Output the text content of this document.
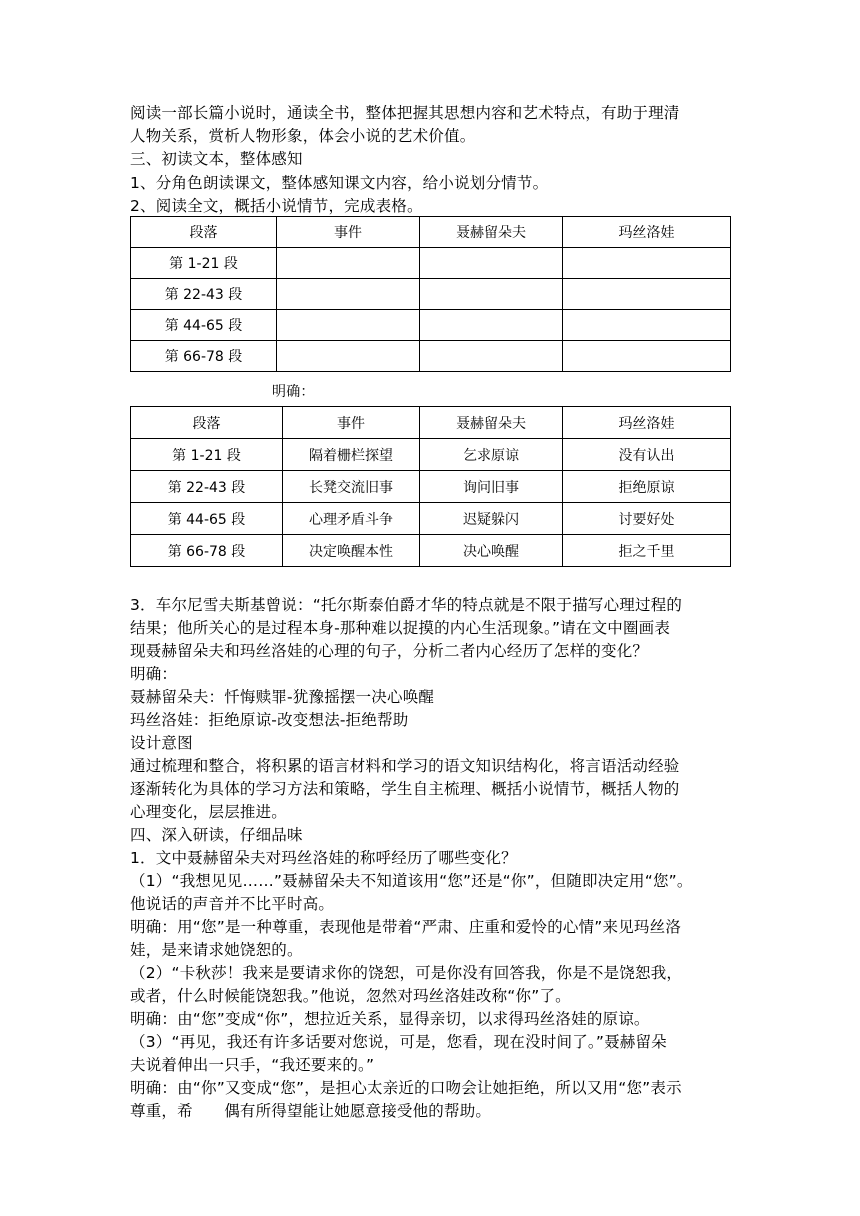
阅读一部长篇小说时，通读全书，整体把握其思想内容和艺术特点，有助于理清
人物关系，赏析人物形象，体会小说的艺术价值。
三、初读文本，整体感知
1、分角色朗读课文，整体感知课文内容，给小说划分情节。
2、阅读全文，概括小说情节，完成表格。
段落	事件	聂赫留朵夫	玛丝洛娃
第 1-21 段			
第 22-43 段			
第 44-65 段			
第 66-78 段			
明确：
段落	事件	聂赫留朵夫	玛丝洛娃
第 1-21 段	隔着栅栏探望	乞求原谅	没有认出
第 22-43 段	长凳交流旧事	询问旧事	拒绝原谅
第 44-65 段	心理矛盾斗争	迟疑躲闪	讨要好处
第 66-78 段	决定唤醒本性	决心唤醒	拒之千里
3．车尔尼雪夫斯基曾说：“托尔斯泰伯爵才华的特点就是不限于描写心理过程的
结果；他所关心的是过程本身-那种难以捉摸的内心生活现象。”请在文中圈画表
现聂赫留朵夫和玛丝洛娃的心理的句子，分析二者内心经历了怎样的变化？
明确：
聂赫留朵夫：忏悔赎罪-犹豫摇摆一决心唤醒
玛丝洛娃：拒绝原谅-改变想法-拒绝帮助
设计意图
通过梳理和整合，将积累的语言材料和学习的语文知识结构化，将言语活动经验
逐渐转化为具体的学习方法和策略，学生自主梳理、概括小说情节，概括人物的
心理变化，层层推进。
四、深入研读，仔细品味
1．文中聂赫留朵夫对玛丝洛娃的称呼经历了哪些变化？
（1）“我想见见……”聂赫留朵夫不知道该用“您”还是“你”，但随即决定用“您”。
他说话的声音并不比平时高。
明确：用“您”是一种尊重，表现他是带着“严肃、庄重和爱怜的心情”来见玛丝洛
娃，是来请求她饶恕的。
（2）“卡秋莎！我来是要请求你的饶恕，可是你没有回答我，你是不是饶恕我，
或者，什么时候能饶恕我。”他说，忽然对玛丝洛娃改称“你”了。
明确：由“您”变成“你”，想拉近关系，显得亲切，以求得玛丝洛娃的原谅。
（3）“再见，我还有许多话要对您说，可是，您看，现在没时间了。”聂赫留朵
夫说着伸出一只手，“我还要来的。”
明确：由“你”又变成“您”，是担心太亲近的口吻会让她拒绝，所以又用“您”表示
尊重，希　　偶有所得望能让她愿意接受他的帮助。
